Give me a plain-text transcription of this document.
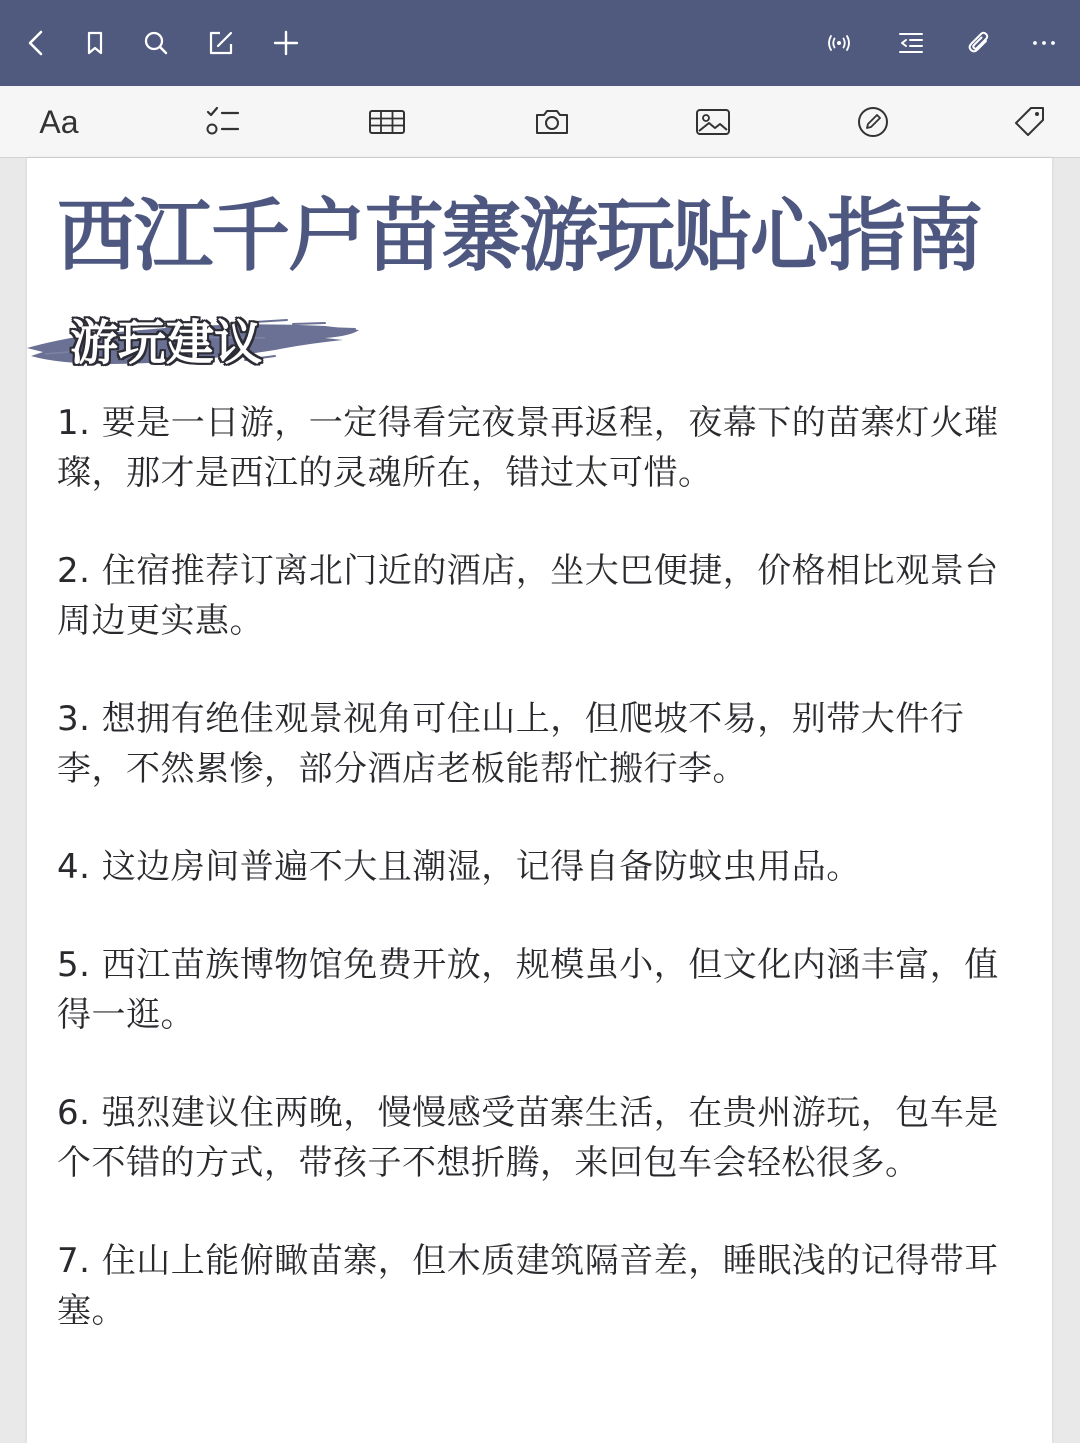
Aa
西江千户苗寨游玩贴心指南
游玩建议

1. 要是一日游，一定得看完夜景再返程，夜幕下的苗寨灯火璀璨，那才是西江的灵魂所在，错过太可惜。

2. 住宿推荐订离北门近的酒店，坐大巴便捷，价格相比观景台周边更实惠。

3. 想拥有绝佳观景视角可住山上，但爬坡不易，别带大件行李，不然累惨，部分酒店老板能帮忙搬行李。

4. 这边房间普遍不大且潮湿，记得自备防蚊虫用品。

5. 西江苗族博物馆免费开放，规模虽小，但文化内涵丰富，值得一逛。

6. 强烈建议住两晚，慢慢感受苗寨生活，在贵州游玩，包车是个不错的方式，带孩子不想折腾，来回包车会轻松很多。

7. 住山上能俯瞰苗寨，但木质建筑隔音差，睡眠浅的记得带耳塞。
